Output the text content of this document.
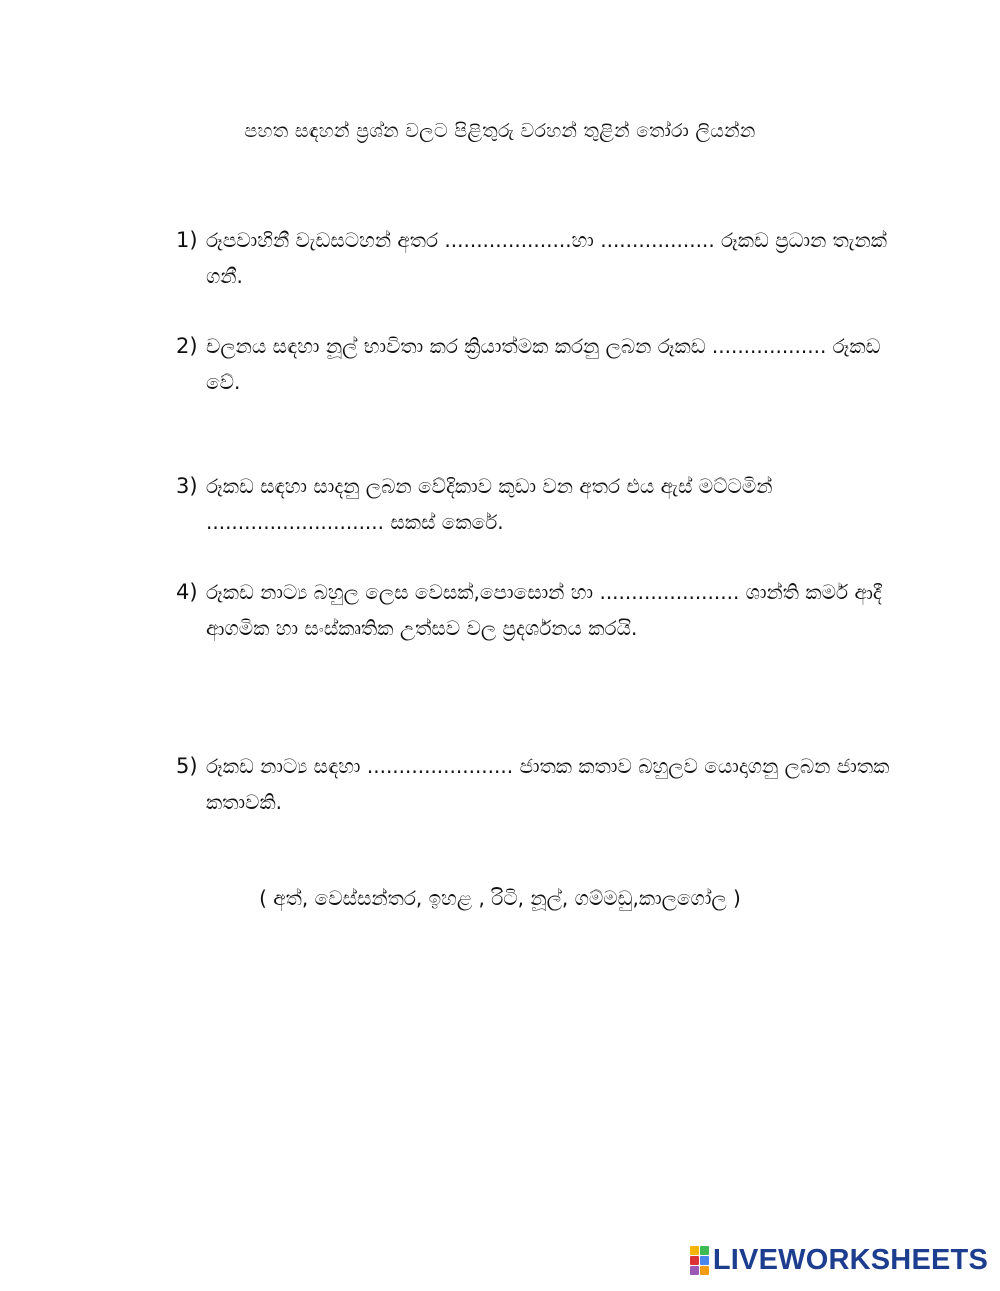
පහත සඳහන් ප්‍රශ්න වලට පිළිතුරු වරහන් තුළින් තෝරා ලියන්න
1) රූපවාහිනී වැඩසටහන් අතර ....................හා .................. රූකඩ ප්‍රධාන තැනක් ගනී.
2) චලනය සඳහා නූල් භාවිතා කර ක්‍රියාත්මක කරනු ලබන රූකඩ .................. රූකඩ වේ.
3) රූකඩ සඳහා සාදනු ලබන වේදිකාව කුඩා වන අතර එය ඇස් මට්ටමින් ............................ සකස් කෙරේ.
4) රූකඩ නාට්‍ය බහුල ලෙස වෙසක්,පොසොන් හා ...................... ශාන්ති කර්ම ආදී ආගමික හා සංස්කෘතික උත්සව වල ප්‍රදර්ශනය කරයි.
5) රූකඩ නාට්‍ය සඳහා ....................... ජාතක කතාව බහුලව යොදාගනු ලබන ජාතක කතාවකි.
( අත්, වෙස්සන්තර, ඉහළ , රිටි, නූල්, ගම්මඩු,කාලගෝල )
LIVEWORKSHEETS
